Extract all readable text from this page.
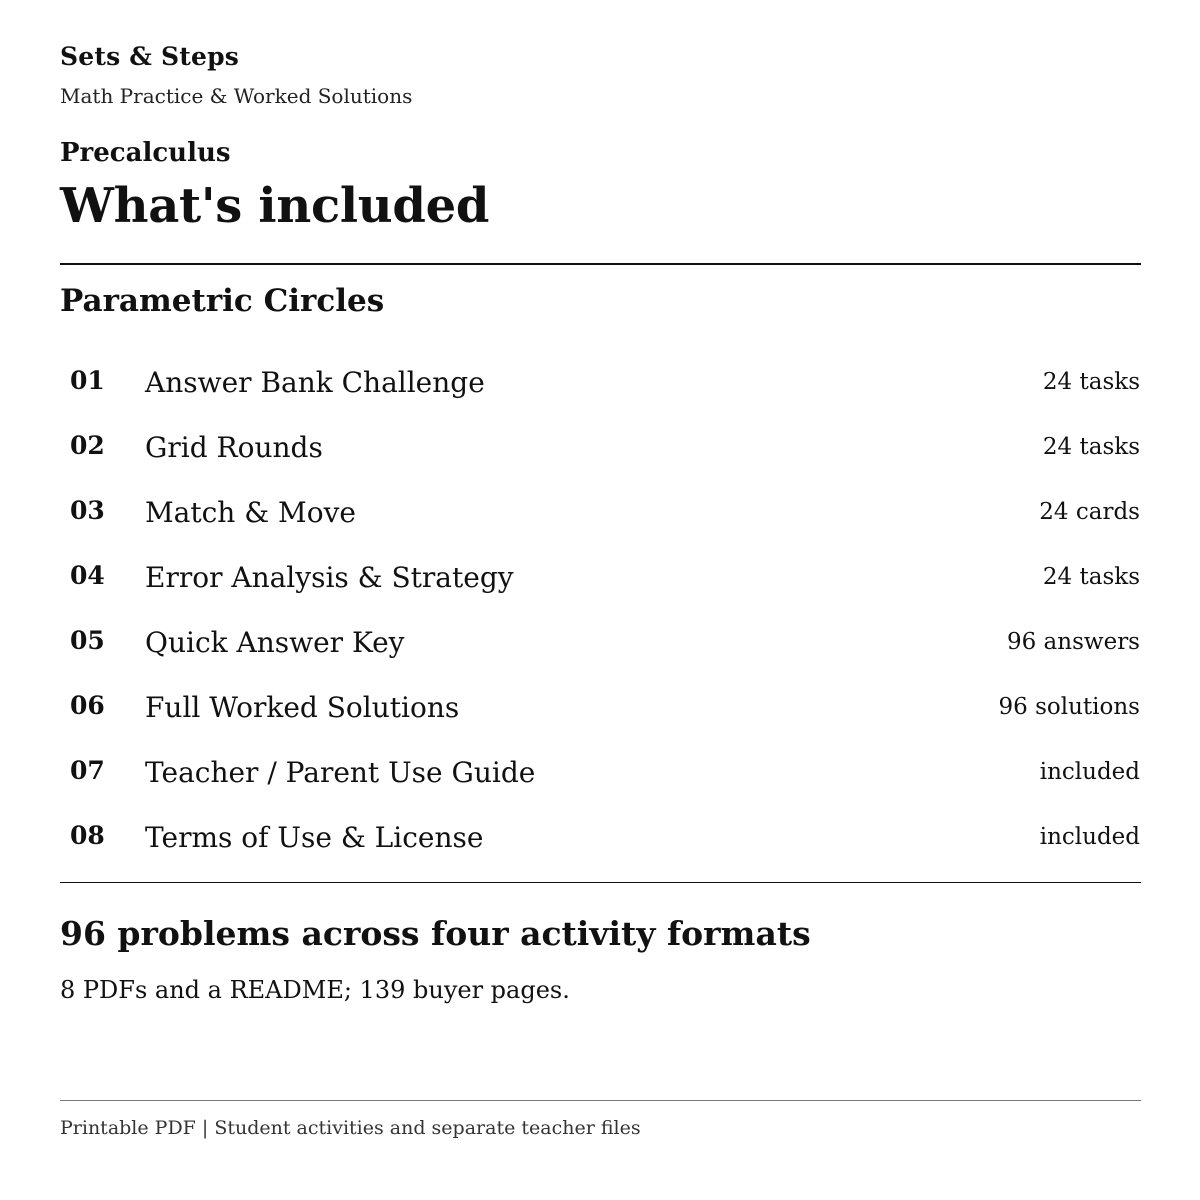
Sets & Steps
Math Practice & Worked Solutions
Precalculus
What's included
Parametric Circles
01 Answer Bank Challenge	24 tasks
02 Grid Rounds	24 tasks
03 Match & Move	24 cards
04 Error Analysis & Strategy	24 tasks
05 Quick Answer Key	96 answers
06 Full Worked Solutions	96 solutions
07 Teacher / Parent Use Guide	included
08 Terms of Use & License	included
96 problems across four activity formats
8 PDFs and a README; 139 buyer pages.
Printable PDF | Student activities and separate teacher files
